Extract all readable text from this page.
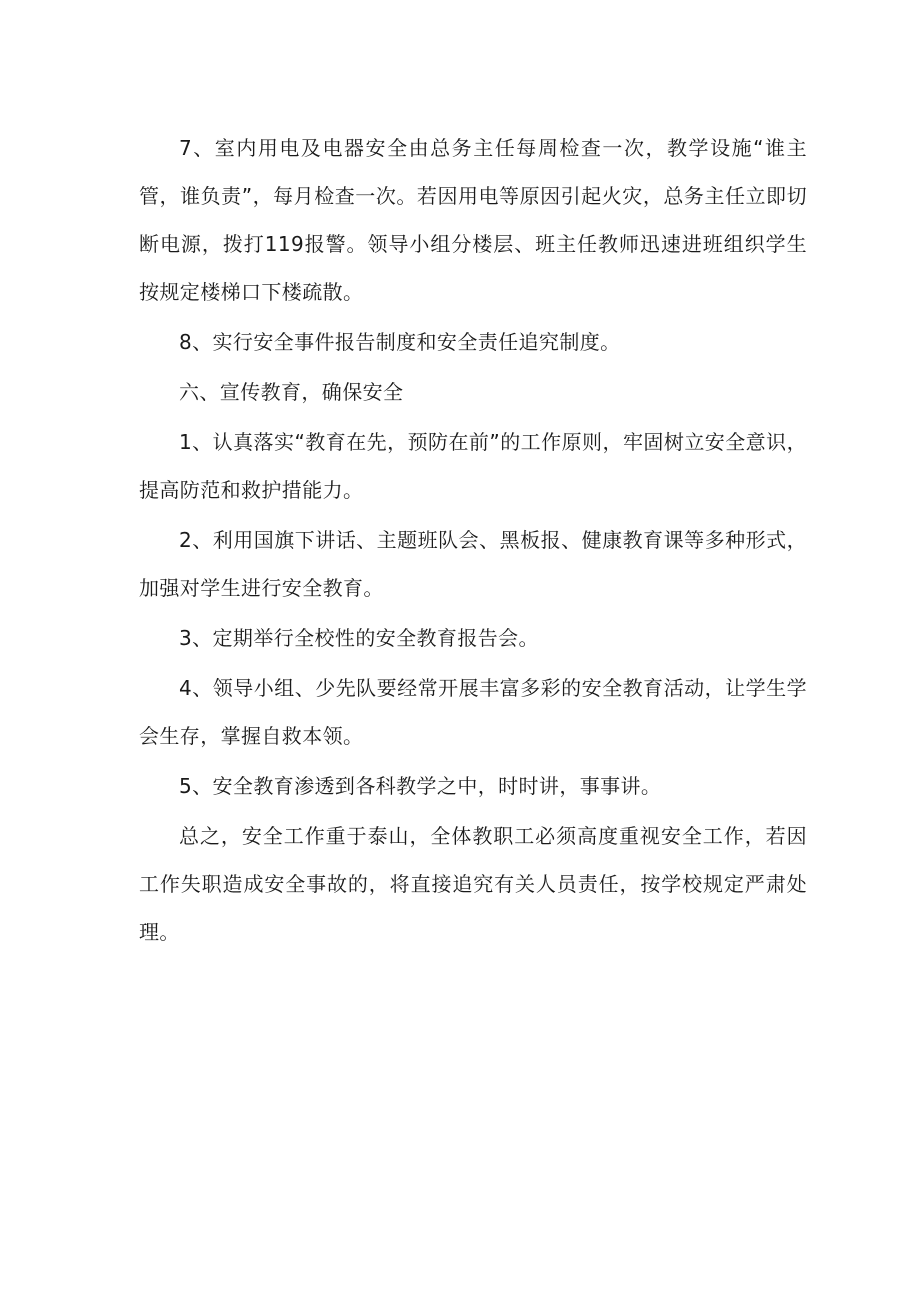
7、室内用电及电器安全由总务主任每周检查一次，教学设施“谁主管，谁负责”，每月检查一次。若因用电等原因引起火灾，总务主任立即切断电源，拨打119报警。领导小组分楼层、班主任教师迅速进班组织学生按规定楼梯口下楼疏散。

8、实行安全事件报告制度和安全责任追究制度。

六、宣传教育，确保安全

1、认真落实“教育在先，预防在前”的工作原则，牢固树立安全意识，提高防范和救护措能力。

2、利用国旗下讲话、主题班队会、黑板报、健康教育课等多种形式，加强对学生进行安全教育。

3、定期举行全校性的安全教育报告会。

4、领导小组、少先队要经常开展丰富多彩的安全教育活动，让学生学会生存，掌握自救本领。

5、安全教育渗透到各科教学之中，时时讲，事事讲。

总之，安全工作重于泰山，全体教职工必须高度重视安全工作，若因工作失职造成安全事故的，将直接追究有关人员责任，按学校规定严肃处理。
